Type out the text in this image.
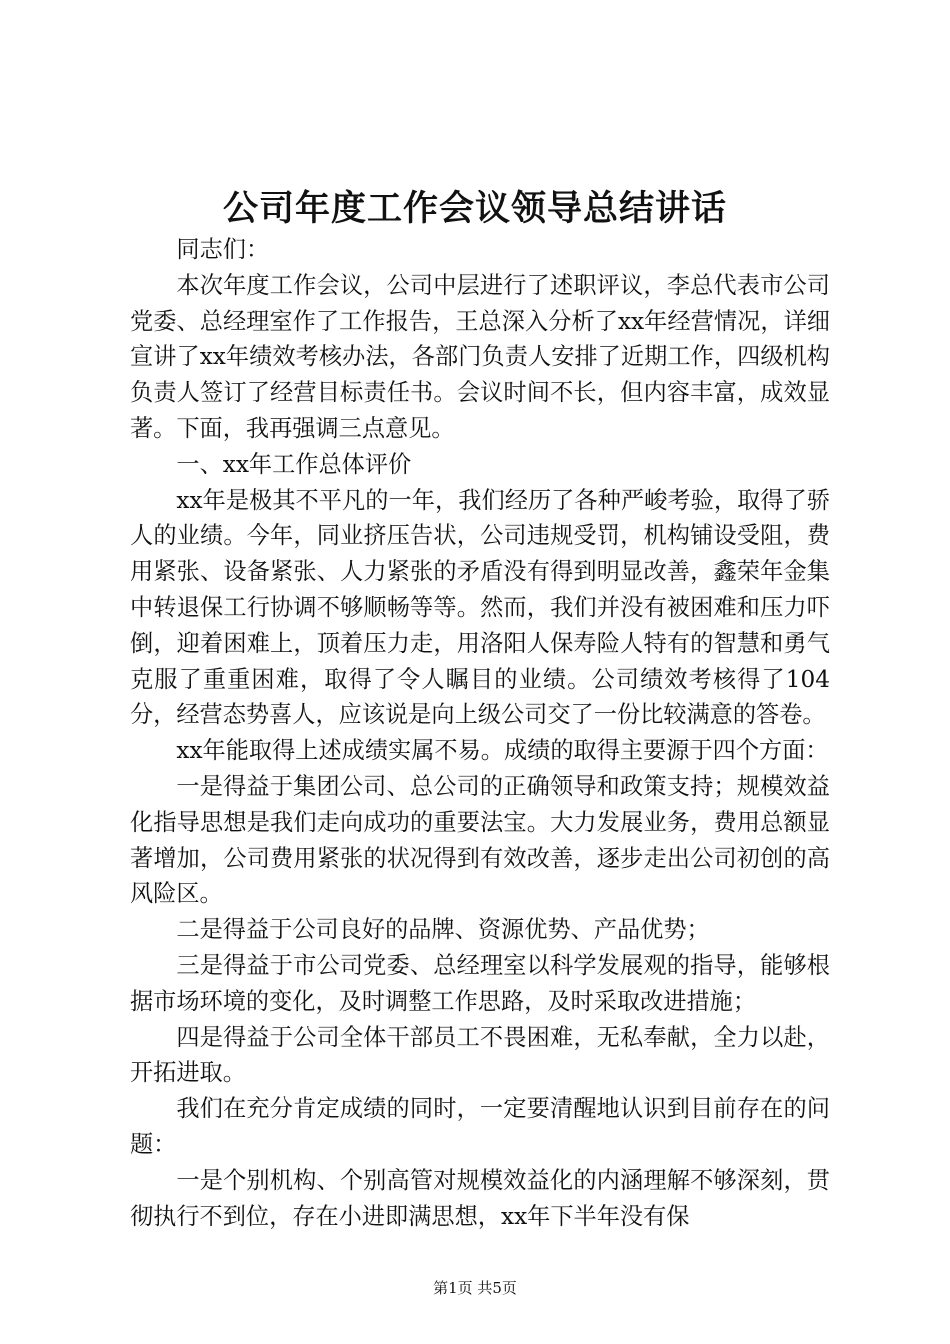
公司年度工作会议领导总结讲话

同志们：

本次年度工作会议，公司中层进行了述职评议，李总代表市公司党委、总经理室作了工作报告，王总深入分析了xx年经营情况，详细宣讲了xx年绩效考核办法，各部门负责人安排了近期工作，四级机构负责人签订了经营目标责任书。会议时间不长，但内容丰富，成效显著。下面，我再强调三点意见。

一、xx年工作总体评价

xx年是极其不平凡的一年，我们经历了各种严峻考验，取得了骄人的业绩。今年，同业挤压告状，公司违规受罚，机构铺设受阻，费用紧张、设备紧张、人力紧张的矛盾没有得到明显改善，鑫荣年金集中转退保工行协调不够顺畅等等。然而，我们并没有被困难和压力吓倒，迎着困难上，顶着压力走，用洛阳人保寿险人特有的智慧和勇气克服了重重困难，取得了令人瞩目的业绩。公司绩效考核得了104分，经营态势喜人，应该说是向上级公司交了一份比较满意的答卷。

xx年能取得上述成绩实属不易。成绩的取得主要源于四个方面：

一是得益于集团公司、总公司的正确领导和政策支持；规模效益化指导思想是我们走向成功的重要法宝。大力发展业务，费用总额显著增加，公司费用紧张的状况得到有效改善，逐步走出公司初创的高风险区。

二是得益于公司良好的品牌、资源优势、产品优势；

三是得益于市公司党委、总经理室以科学发展观的指导，能够根据市场环境的变化，及时调整工作思路，及时采取改进措施；

四是得益于公司全体干部员工不畏困难，无私奉献，全力以赴，开拓进取。

我们在充分肯定成绩的同时，一定要清醒地认识到目前存在的问题：

一是个别机构、个别高管对规模效益化的内涵理解不够深刻，贯彻执行不到位，存在小进即满思想，xx年下半年没有保

第1页 共5页
